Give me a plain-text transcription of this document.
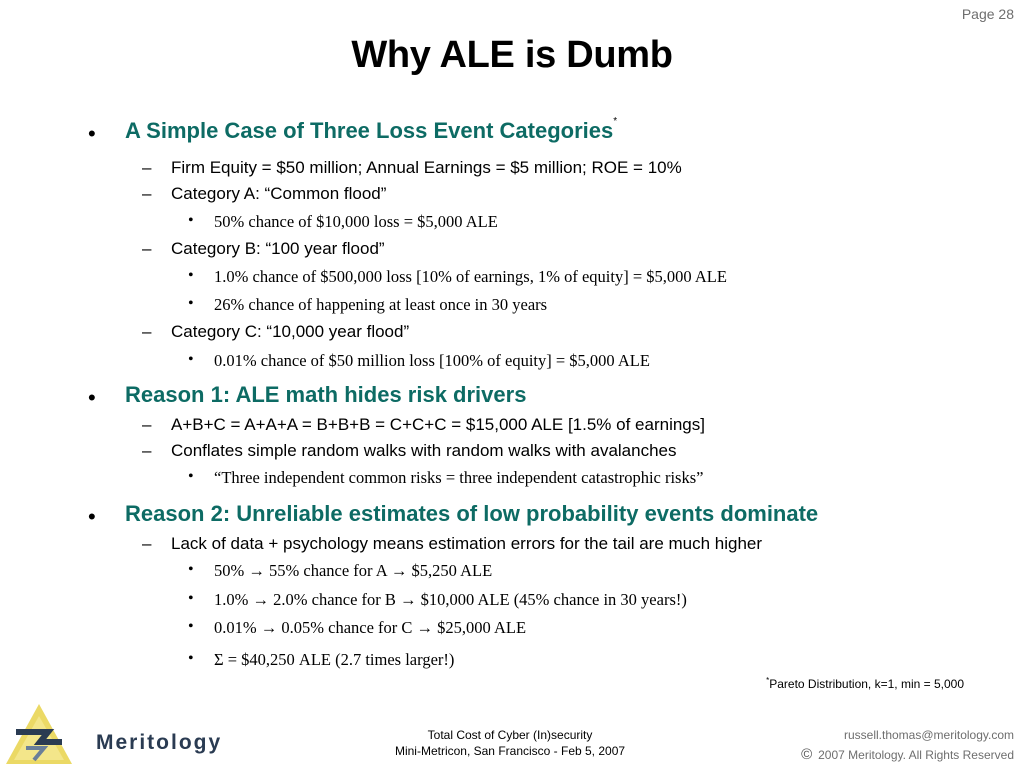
Page 28
Why ALE is Dumb
• A Simple Case of Three Loss Event Categories*
– Firm Equity = $50 million; Annual Earnings = $5 million; ROE = 10%
– Category A: “Common flood”
• 50% chance of $10,000 loss = $5,000 ALE
– Category B: “100 year flood”
• 1.0% chance of $500,000 loss [10% of earnings, 1% of equity] = $5,000 ALE
• 26% chance of happening at least once in 30 years
– Category C: “10,000 year flood”
• 0.01% chance of $50 million loss [100% of equity] = $5,000 ALE
• Reason 1: ALE math hides risk drivers
– A+B+C = A+A+A = B+B+B = C+C+C = $15,000 ALE [1.5% of earnings]
– Conflates simple random walks with random walks with avalanches
• “Three independent common risks = three independent catastrophic risks”
• Reason 2: Unreliable estimates of low probability events dominate
– Lack of data + psychology means estimation errors for the tail are much higher
• 50% → 55% chance for A → $5,250 ALE
• 1.0% → 2.0% chance for B → $10,000 ALE (45% chance in 30 years!)
• 0.01% → 0.05% chance for C → $25,000 ALE
• Σ = $40,250 ALE (2.7 times larger!)
*Pareto Distribution, k=1, min = 5,000
Meritology	Total Cost of Cyber (In)security
Mini-Metricon, San Francisco - Feb 5, 2007
russell.thomas@meritology.com
© 2007 Meritology. All Rights Reserved
